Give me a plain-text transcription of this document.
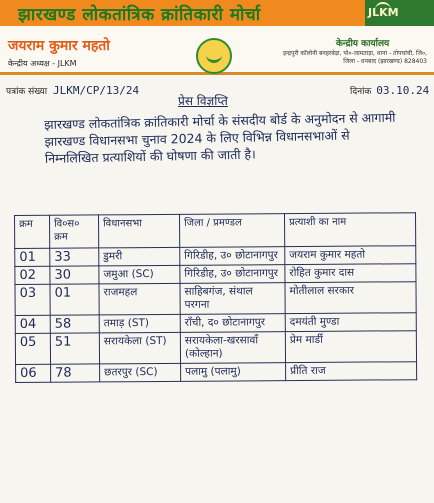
झारखण्ड लोकतांत्रिक क्रांतिकारी मोर्चा	JLKM
जयराम कुमार महतो
केन्द्रीय अध्यक्ष - JLKM
केन्द्रीय कार्यालय
इन्द्रपुरी कॉलोनी बनहरबेड़ा, पो०-जामताड़ा, थाना - तोपचांची, जि०, जिला - धनबाद (झारखण्ड) 828403
पत्रांक संख्या JLKM/CP/13/24	दिनांक 03.10.24
प्रेस विज्ञप्ति
झारखण्ड लोकतांत्रिक क्रांतिकारी मोर्चा के संसदीय बोर्ड के अनुमोदन से आगामी झारखण्ड विधानसभा चुनाव 2024 के लिए विभिन्न विधानसभाओं से निम्नलिखित प्रत्याशियों की घोषणा की जाती है।
क्रम	वि०स० क्रम	विधानसभा	जिला / प्रमण्डल	प्रत्याशी का नाम
01	33	डुमरी	गिरिडीह, उ० छोटानागपुर	जयराम कुमार महतो
02	30	जमुआ (SC)	गिरिडीह, उ० छोटानागपुर	रोहित कुमार दास
03	01	राजमहल	साहिबगंज, संथाल परगना	मोतीलाल सरकार
04	58	तमाड़ (ST)	राँची, द० छोटानागपुर	दमयंती मुण्डा
05	51	सरायकेला (ST)	सरायकेला-खरसावाँ (कोल्हान)	प्रेम मार्डी
06	78	छतरपुर (SC)	पलामु (पलामु)	प्रीति राज
